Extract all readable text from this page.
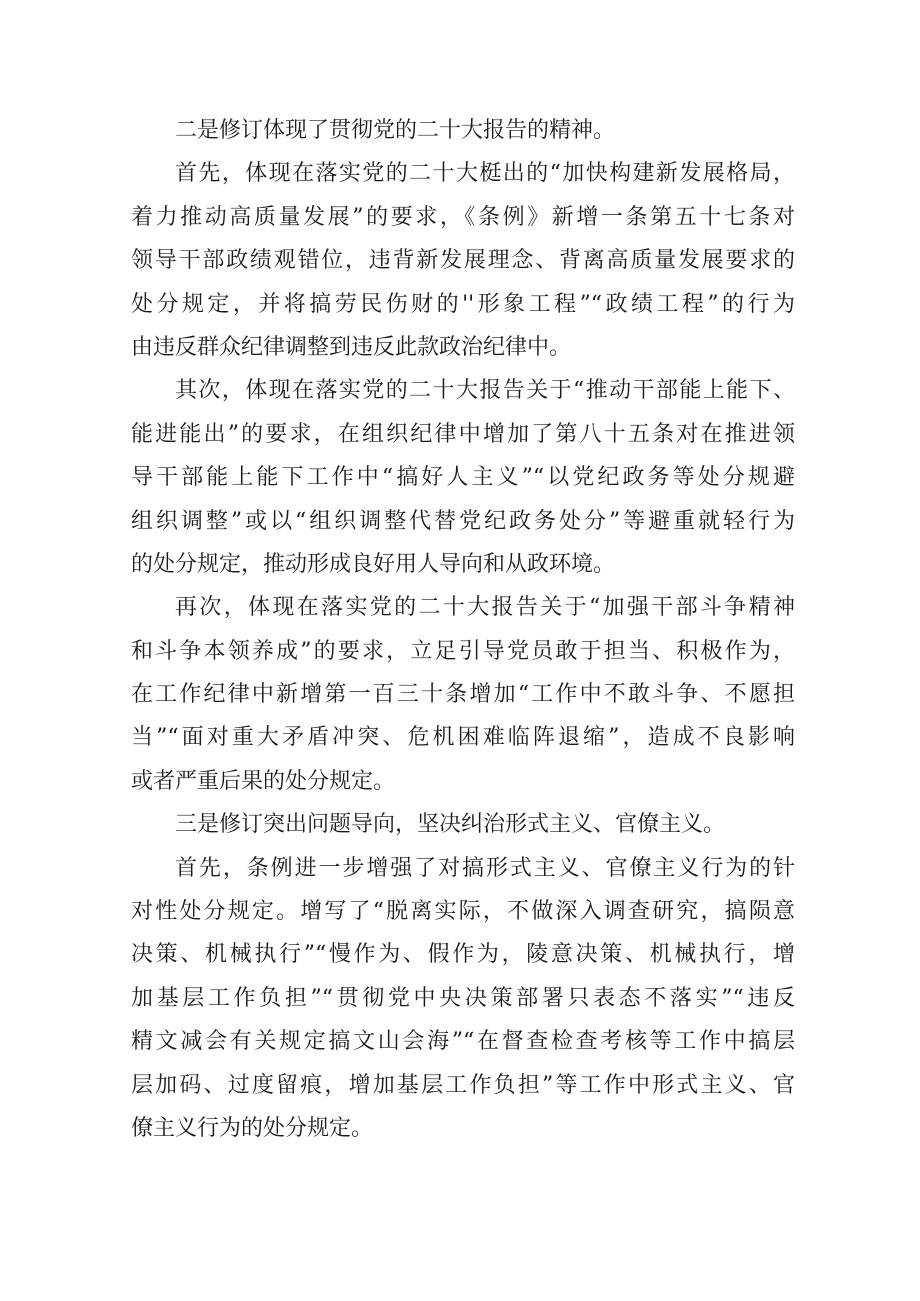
二是修订体现了贯彻党的二十大报告的精神。
首先，体现在落实党的二十大梃出的“加快构建新发展格局，
着力推动高质量发展”的要求，《条例》新增一条第五十七条对
领导干部政绩观错位，违背新发展理念、背离高质量发展要求的
处分规定，并将搞劳民伤财的''形象工程”“政绩工程”的行为
由违反群众纪律调整到违反此款政治纪律中。
其次，体现在落实党的二十大报告关于“推动干部能上能下、
能进能出”的要求，在组织纪律中增加了第八十五条对在推进领
导干部能上能下工作中“搞好人主义”“以党纪政务等处分规避
组织调整”或以“组织调整代替党纪政务处分”等避重就轻行为
的处分规定，推动形成良好用人导向和从政环境。
再次，体现在落实党的二十大报告关于“加强干部斗争精神
和斗争本领养成”的要求，立足引导党员敢于担当、积极作为，
在工作纪律中新增第一百三十条增加“工作中不敢斗争、不愿担
当”“面对重大矛盾冲突、危机困难临阵退缩”，造成不良影响
或者严重后果的处分规定。
三是修订突出问题导向，坚决纠治形式主义、官僚主义。
首先，条例进一步增强了对搞形式主义、官僚主义行为的针
对性处分规定。增写了“脱离实际，不做深入调查研究，搞陨意
决策、机械执行”“慢作为、假作为，陵意决策、机械执行，增
加基层工作负担”“贯彻党中央决策部署只表态不落实”“违反
精文减会有关规定搞文山会海”“在督查检查考核等工作中搞层
层加码、过度留痕，增加基层工作负担”等工作中形式主义、官
僚主义行为的处分规定。
